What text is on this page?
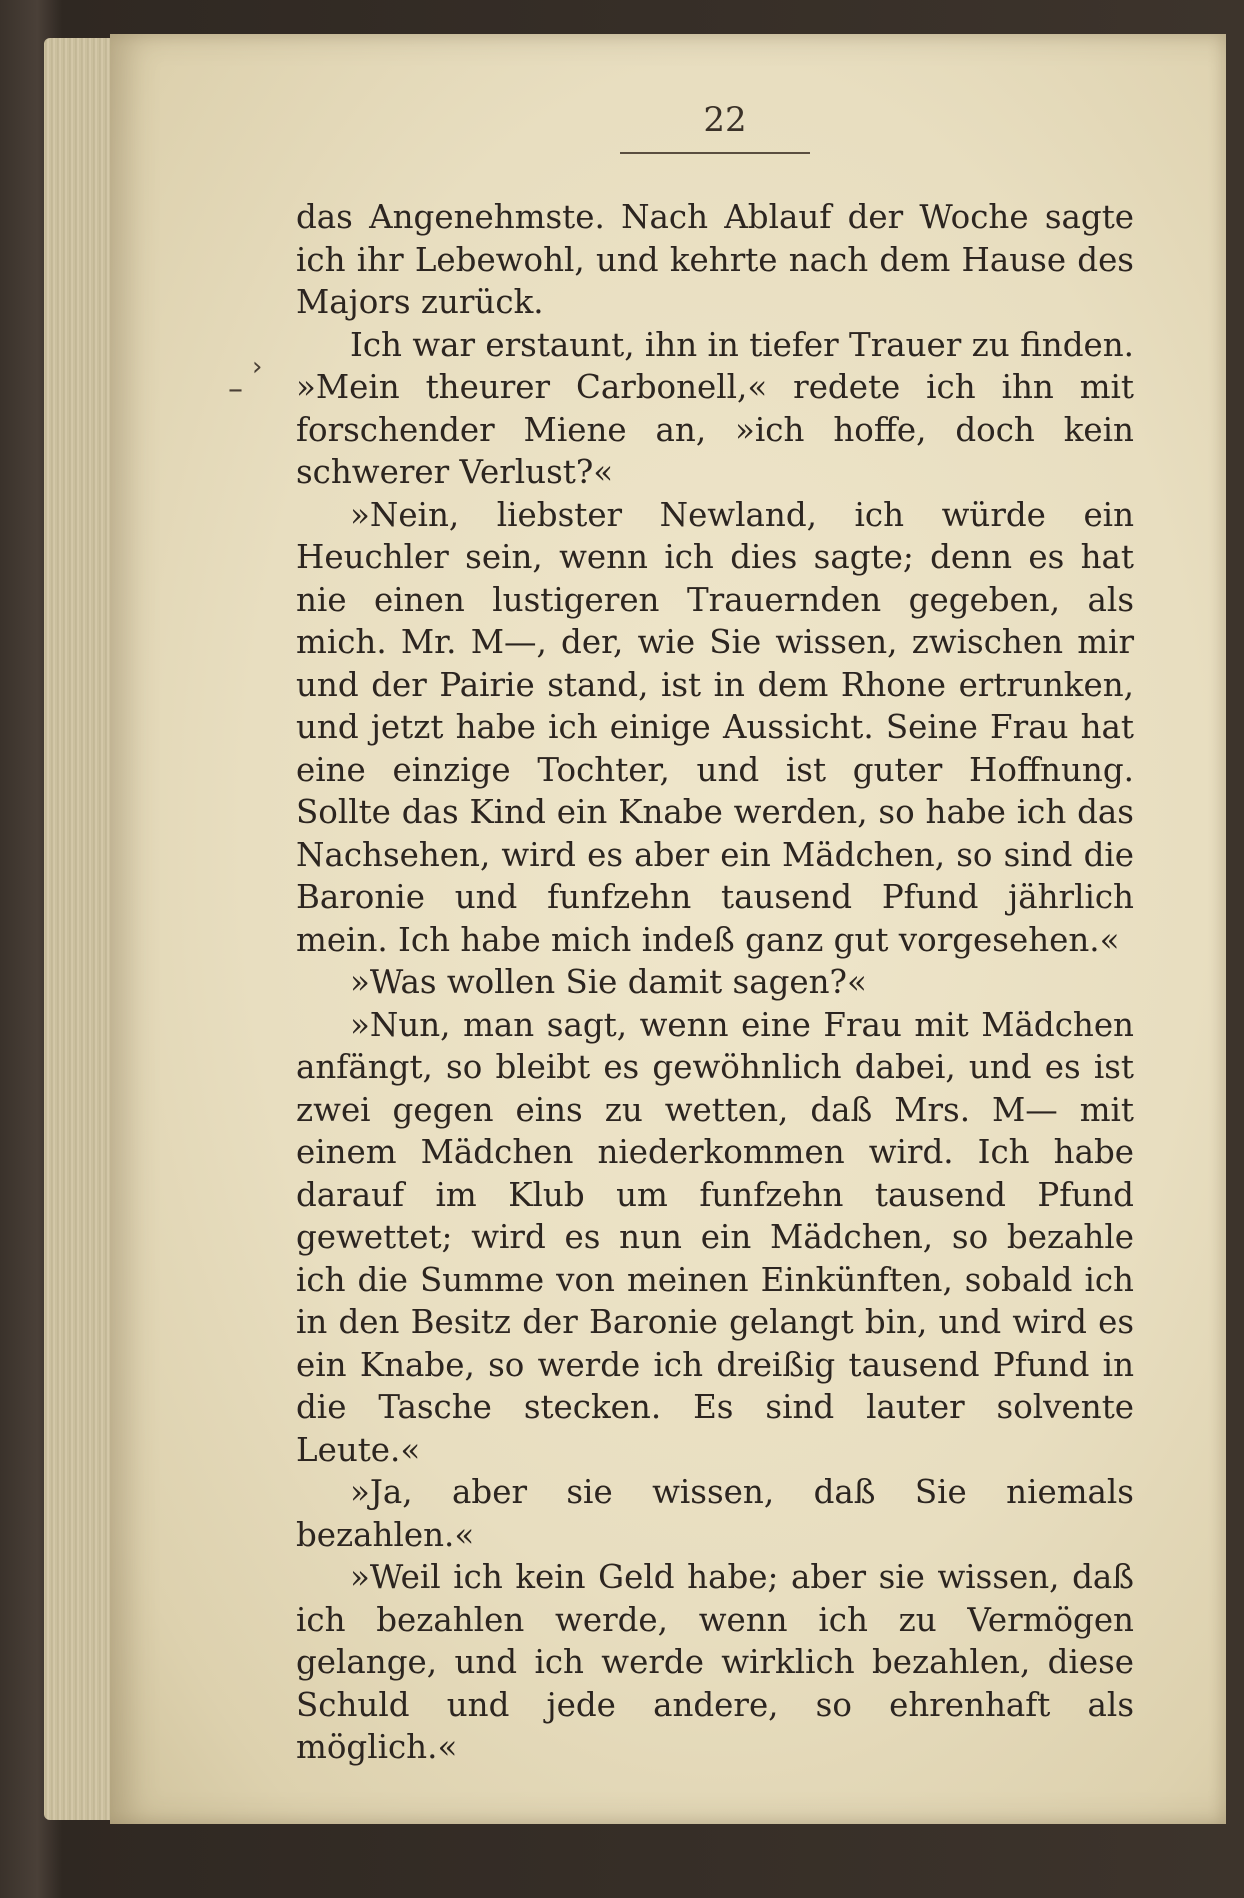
–
›
22

das Angenehmste. Nach Ablauf der Woche sagte ich ihr Lebewohl, und kehrte nach dem Hause des Majors zurück.

Ich war erstaunt, ihn in tiefer Trauer zu finden. »Mein theurer Carbonell,« redete ich ihn mit forschender Miene an, »ich hoffe, doch kein schwerer Verlust?«

»Nein, liebster Newland, ich würde ein Heuchler sein, wenn ich dies sagte; denn es hat nie einen lustigeren Trauernden gegeben, als mich. Mr. M—, der, wie Sie wissen, zwischen mir und der Pairie stand, ist in dem Rhone ertrunken, und jetzt habe ich einige Aussicht. Seine Frau hat eine einzige Tochter, und ist guter Hoffnung. Sollte das Kind ein Knabe werden, so habe ich das Nachsehen, wird es aber ein Mädchen, so sind die Baronie und funfzehn tausend Pfund jährlich mein. Ich habe mich indeß ganz gut vorgesehen.«

»Was wollen Sie damit sagen?«

»Nun, man sagt, wenn eine Frau mit Mädchen anfängt, so bleibt es gewöhnlich dabei, und es ist zwei gegen eins zu wetten, daß Mrs. M— mit einem Mädchen niederkommen wird. Ich habe darauf im Klub um funfzehn tausend Pfund gewettet; wird es nun ein Mädchen, so bezahle ich die Summe von meinen Einkünften, sobald ich in den Besitz der Baronie gelangt bin, und wird es ein Knabe, so werde ich dreißig tausend Pfund in die Tasche stecken. Es sind lauter solvente Leute.«

»Ja, aber sie wissen, daß Sie niemals bezahlen.«

»Weil ich kein Geld habe; aber sie wissen, daß ich bezahlen werde, wenn ich zu Vermögen gelange, und ich werde wirklich bezahlen, diese Schuld und jede andere, so ehrenhaft als möglich.«
